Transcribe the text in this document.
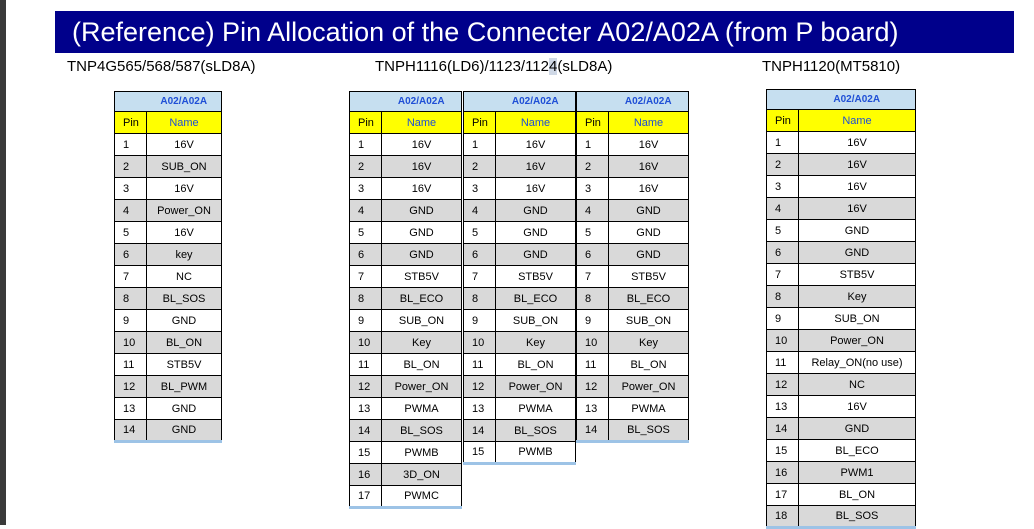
(Reference) Pin Allocation of the Connecter A02/A02A (from P board)
TNP4G565/568/587(sLD8A)	TNPH1116(LD6)/1123/1124(sLD8A)	TNPH1120(MT5810)
	A02/A02A
Pin	Name
1	16V
2	SUB_ON
3	16V
4	Power_ON
5	16V
6	key
7	NC
8	BL_SOS
9	GND
10	BL_ON
11	STB5V
12	BL_PWM
13	GND
14	GND
	A02/A02A
Pin	Name
1	16V
2	16V
3	16V
4	GND
5	GND
6	GND
7	STB5V
8	BL_ECO
9	SUB_ON
10	Key
11	BL_ON
12	Power_ON
13	PWMA
14	BL_SOS
15	PWMB
16	3D_ON
17	PWMC
	A02/A02A
Pin	Name
1	16V
2	16V
3	16V
4	GND
5	GND
6	GND
7	STB5V
8	BL_ECO
9	SUB_ON
10	Key
11	BL_ON
12	Power_ON
13	PWMA
14	BL_SOS
15	PWMB
	A02/A02A
Pin	Name
1	16V
2	16V
3	16V
4	GND
5	GND
6	GND
7	STB5V
8	BL_ECO
9	SUB_ON
10	Key
11	BL_ON
12	Power_ON
13	PWMA
14	BL_SOS
	A02/A02A
Pin	Name
1	16V
2	16V
3	16V
4	16V
5	GND
6	GND
7	STB5V
8	Key
9	SUB_ON
10	Power_ON
11	Relay_ON(no use)
12	NC
13	16V
14	GND
15	BL_ECO
16	PWM1
17	BL_ON
18	BL_SOS
